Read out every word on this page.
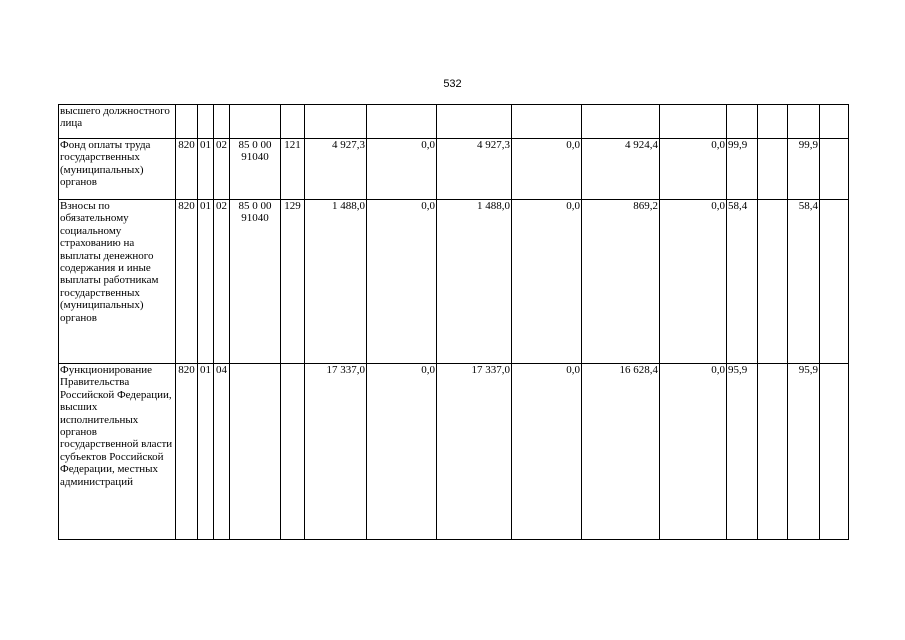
532
высшего должностного лица															
Фонд оплаты труда государственных (муниципальных) органов	820	01	02	85 0 00 91040	121	4 927,3	0,0	4 927,3	0,0	4 924,4	0,0	99,9		99,9	
Взносы по обязательному социальному страхованию на выплаты денежного содержания и иные выплаты работникам государственных (муниципальных) органов	820	01	02	85 0 00 91040	129	1 488,0	0,0	1 488,0	0,0	869,2	0,0	58,4		58,4	
Функционирование Правительства Российской Федерации, высших исполнительных органов государственной власти субъектов Российской Федерации, местных администраций	820	01	04			17 337,0	0,0	17 337,0	0,0	16 628,4	0,0	95,9		95,9	
